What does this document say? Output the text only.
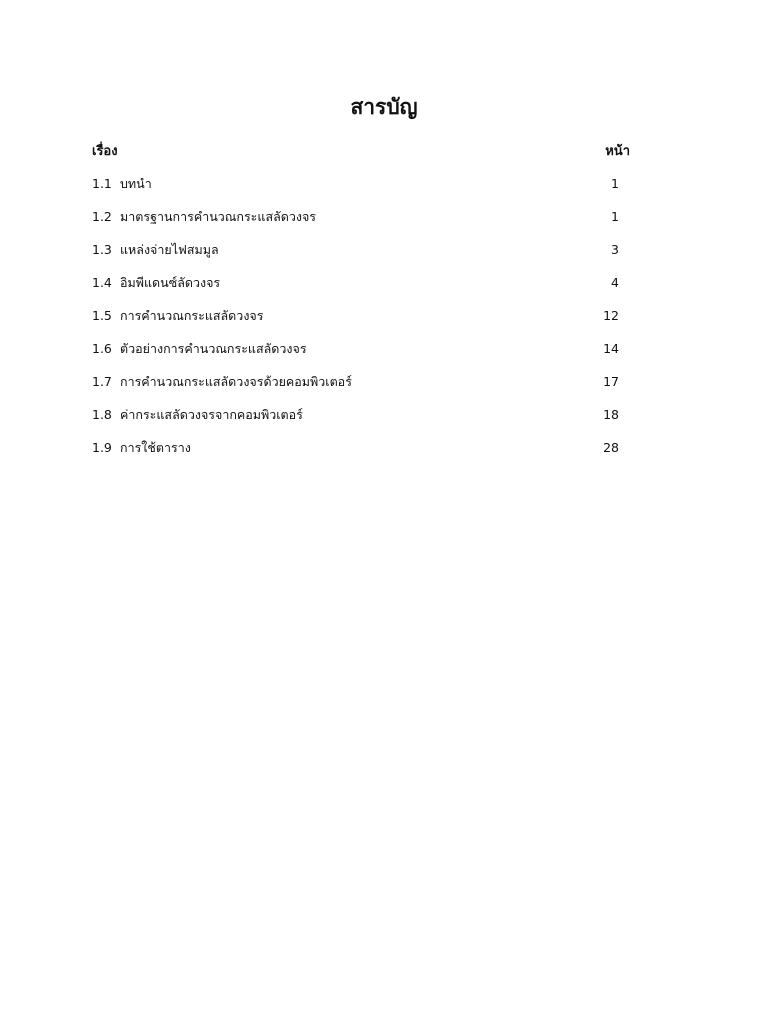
สารบัญ
เรื่อง	หน้า
1.1 บทนำ	1
1.2 มาตรฐานการคำนวณกระแสลัดวงจร	1
1.3 แหล่งจ่ายไฟสมมูล	3
1.4 อิมพีแดนซ์ลัดวงจร	4
1.5 การคำนวณกระแสลัดวงจร	12
1.6 ตัวอย่างการคำนวณกระแสลัดวงจร	14
1.7 การคำนวณกระแสลัดวงจรด้วยคอมพิวเตอร์	17
1.8 ค่ากระแสลัดวงจรจากคอมพิวเตอร์	18
1.9 การใช้ตาราง	28
